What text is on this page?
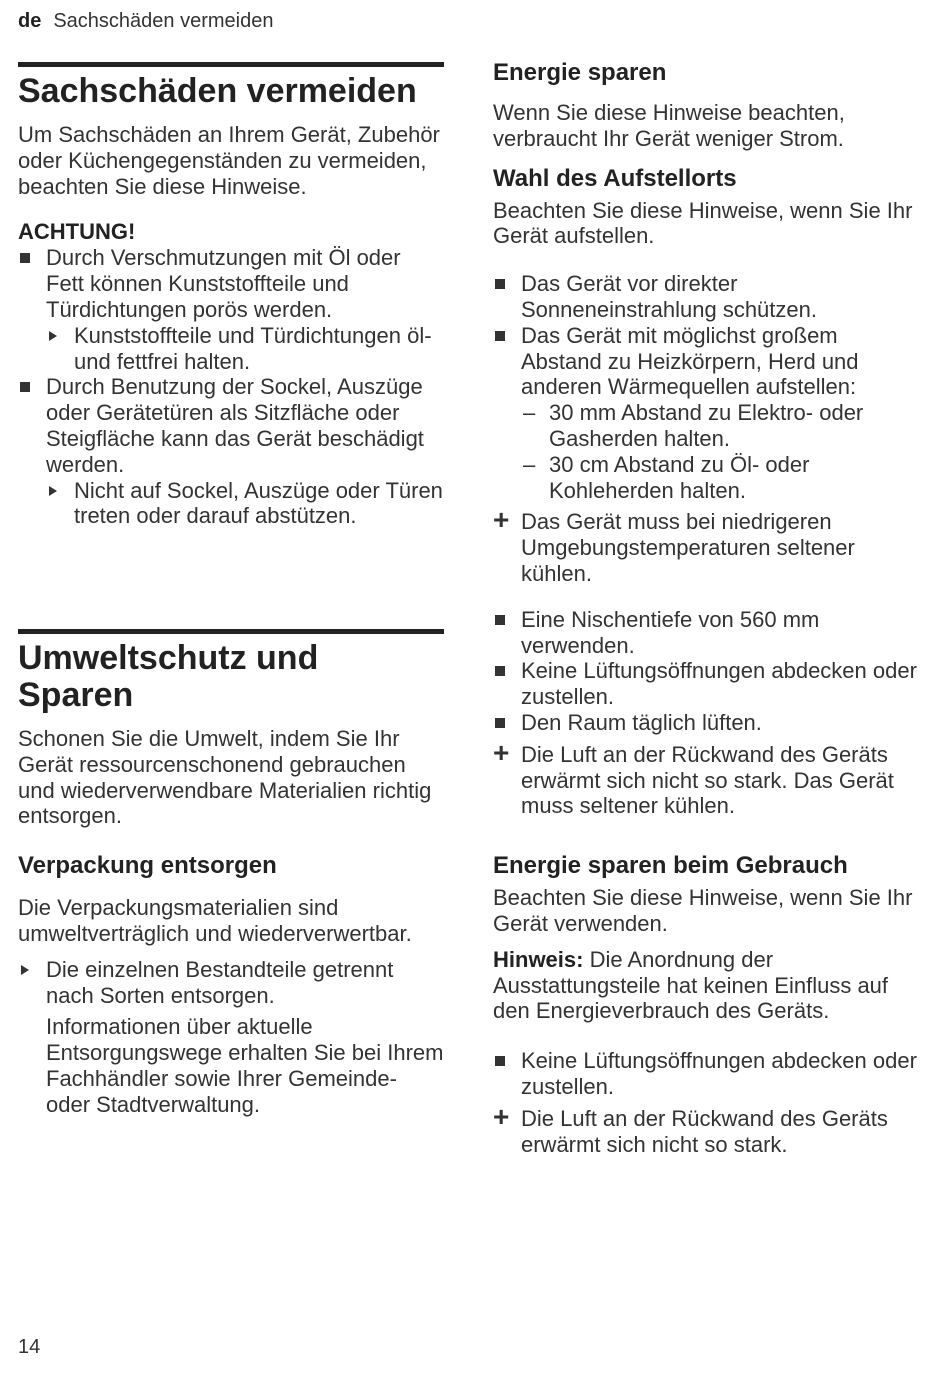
de Sachschäden vermeiden
Sachschäden vermeiden

Um Sachschäden an Ihrem Gerät, Zubehör oder Küchengegenständen zu vermeiden, beachten Sie diese Hinweise.

ACHTUNG!
Durch Verschmutzungen mit Öl oder Fett können Kunststoffteile und Türdichtungen porös werden.
Kunststoffteile und Türdichtungen öl- und fettfrei halten.
Durch Benutzung der Sockel, Auszüge oder Gerätetüren als Sitzfläche oder Steigfläche kann das Gerät beschädigt werden.
Nicht auf Sockel, Auszüge oder Türen treten oder darauf abstützen.
Umweltschutz und Sparen

Schonen Sie die Umwelt, indem Sie Ihr Gerät ressourcenschonend gebrauchen und wiederverwendbare Materialien richtig entsorgen.

Verpackung entsorgen

Die Verpackungsmaterialien sind umweltverträglich und wiederverwertbar.

Die einzelnen Bestandteile getrennt nach Sorten entsorgen.

Informationen über aktuelle Entsorgungswege erhalten Sie bei Ihrem Fachhändler sowie Ihrer Gemeinde- oder Stadtverwaltung.

Energie sparen

Wenn Sie diese Hinweise beachten, verbraucht Ihr Gerät weniger Strom.

Wahl des Aufstellorts

Beachten Sie diese Hinweise, wenn Sie Ihr Gerät aufstellen.

Das Gerät vor direkter Sonneneinstrahlung schützen.
Das Gerät mit möglichst großem Abstand zu Heizkörpern, Herd und anderen Wärmequellen aufstellen:
– 30 mm Abstand zu Elektro- oder Gasherden halten.
– 30 cm Abstand zu Öl- oder Kohleherden halten.
+ Das Gerät muss bei niedrigeren Umgebungstemperaturen seltener kühlen.
Eine Nischentiefe von 560 mm verwenden.
Keine Lüftungsöffnungen abdecken oder zustellen.
Den Raum täglich lüften.
+ Die Luft an der Rückwand des Geräts erwärmt sich nicht so stark. Das Gerät muss seltener kühlen.
Energie sparen beim Gebrauch

Beachten Sie diese Hinweise, wenn Sie Ihr Gerät verwenden.

Hinweis: Die Anordnung der Ausstattungsteile hat keinen Einfluss auf den Energieverbrauch des Geräts.

Keine Lüftungsöffnungen abdecken oder zustellen.
+ Die Luft an der Rückwand des Geräts erwärmt sich nicht so stark.
14
